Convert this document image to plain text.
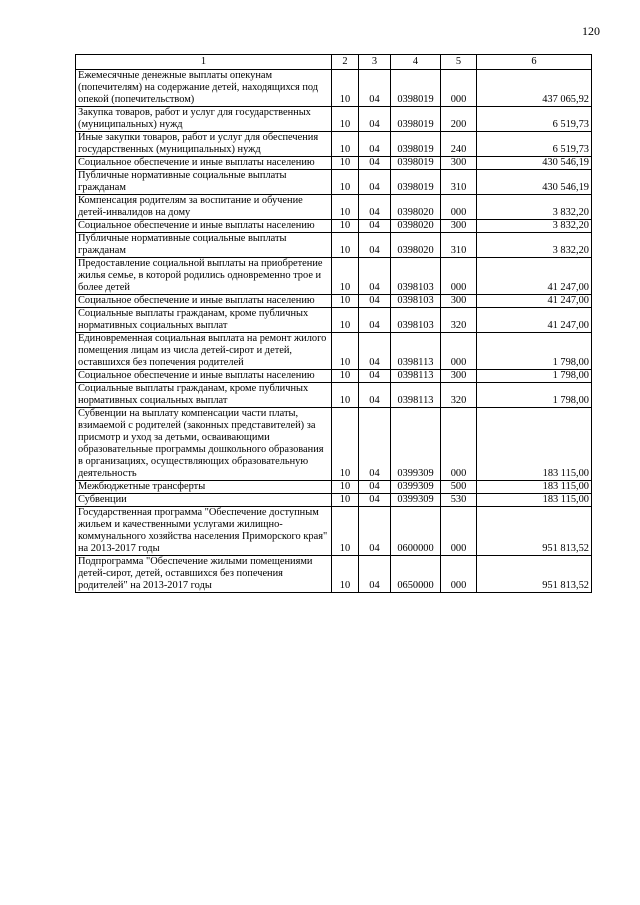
120
1	2	3	4	5	6
Ежемесячные денежные выплаты опекунам (попечителям) на содержание детей, находящихся под опекой (попечительством)	10	04	0398019	000	437 065,92
Закупка товаров, работ и услуг для государственных (муниципальных) нужд	10	04	0398019	200	6 519,73
Иные закупки товаров, работ и услуг для обеспечения государственных (муниципальных) нужд	10	04	0398019	240	6 519,73
Социальное обеспечение и иные выплаты населению	10	04	0398019	300	430 546,19
Публичные нормативные социальные выплаты гражданам	10	04	0398019	310	430 546,19
Компенсация родителям за воспитание и обучение детей-инвалидов на дому	10	04	0398020	000	3 832,20
Социальное обеспечение и иные выплаты населению	10	04	0398020	300	3 832,20
Публичные нормативные социальные выплаты гражданам	10	04	0398020	310	3 832,20
Предоставление социальной выплаты на приобретение жилья семье, в которой родились одновременно трое и более детей	10	04	0398103	000	41 247,00
Социальное обеспечение и иные выплаты населению	10	04	0398103	300	41 247,00
Социальные выплаты гражданам, кроме публичных нормативных социальных выплат	10	04	0398103	320	41 247,00
Единовременная социальная выплата на ремонт жилого помещения лицам из числа детей-сирот и детей, оставшихся без попечения родителей	10	04	0398113	000	1 798,00
Социальное обеспечение и иные выплаты населению	10	04	0398113	300	1 798,00
Социальные выплаты гражданам, кроме публичных нормативных социальных выплат	10	04	0398113	320	1 798,00
Субвенции на выплату компенсации части платы, взимаемой с родителей (законных представителей) за присмотр и уход за детьми, осваивающими образовательные программы дошкольного образования в организациях, осуществляющих образовательную деятельность	10	04	0399309	000	183 115,00
Межбюджетные трансферты	10	04	0399309	500	183 115,00
Субвенции	10	04	0399309	530	183 115,00
Государственная программа "Обеспечение доступным жильем и качественными услугами жилищно-коммунального хозяйства населения Приморского края" на 2013-2017 годы	10	04	0600000	000	951 813,52
Подпрограмма "Обеспечение жилыми помещениями детей-сирот, детей, оставшихся без попечения родителей" на 2013-2017 годы	10	04	0650000	000	951 813,52
